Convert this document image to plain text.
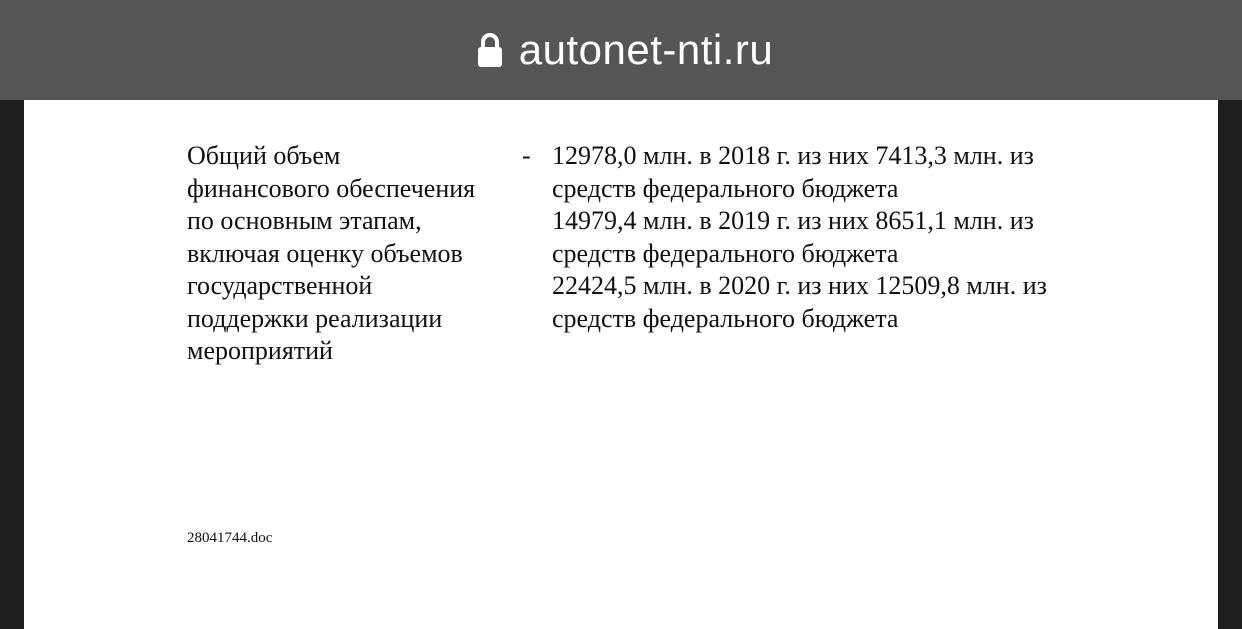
autonet-nti.ru
Общий объем
финансового обеспечения
по основным этапам,
включая оценку объемов
государственной
поддержки реализации
мероприятий
- 12978,0 млн. в 2018 г. из них 7413,3 млн. из
средств федерального бюджета
14979,4 млн. в 2019 г. из них 8651,1 млн. из
средств федерального бюджета
22424,5 млн. в 2020 г. из них 12509,8 млн. из
средств федерального бюджета
28041744.doc
